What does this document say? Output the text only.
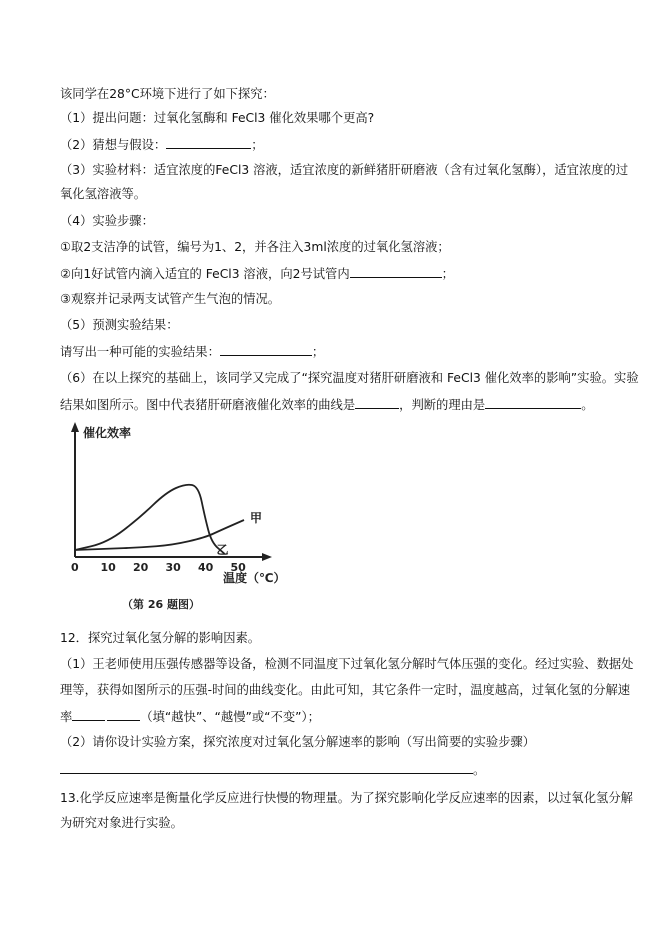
该同学在28°C环境下进行了如下探究：
（1）提出问题：过氧化氢酶和 FeCl3 催化效果哪个更高?
（2）猜想与假设：	；
（3）实验材料：适宜浓度的FeCl3 溶液，适宜浓度的新鲜猪肝研磨液（含有过氧化氢酶），适宜浓度的过
氧化氢溶液等。
（4）实验步骤：
①取2支洁净的试管，编号为1、2，并各注入3ml浓度的过氧化氢溶液；
②向1好试管内滴入适宜的 FeCl3 溶液，向2号试管内	；
③观察并记录两支试管产生气泡的情况。
（5）预测实验结果：
请写出一种可能的实验结果：	；
（6）在以上探究的基础上，该同学又完成了“探究温度对猪肝研磨液和 FeCl3 催化效率的影响”实验。实验
结果如图所示。图中代表猪肝研磨液催化效率的曲线是	，判断的理由是	。
催化效率
0 10 20 30 40 50
甲
乙
温度（℃）
（第 26 题图）
12．探究过氧化氢分解的影响因素。
（1）王老师使用压强传感器等设备，检测不同温度下过氧化氢分解时气体压强的变化。经过实验、数据处
理等，获得如图所示的压强-时间的曲线变化。由此可知，其它条件一定时，温度越高，过氧化氢的分解速
率	（填“越快”、“越慢”或“不变”）；
（2）请你设计实验方案，探究浓度对过氧化氢分解速率的影响（写出简要的实验步骤）
。
13.化学反应速率是衡量化学反应进行快慢的物理量。为了探究影响化学反应速率的因素，以过氧化氢分解
为研究对象进行实验。
